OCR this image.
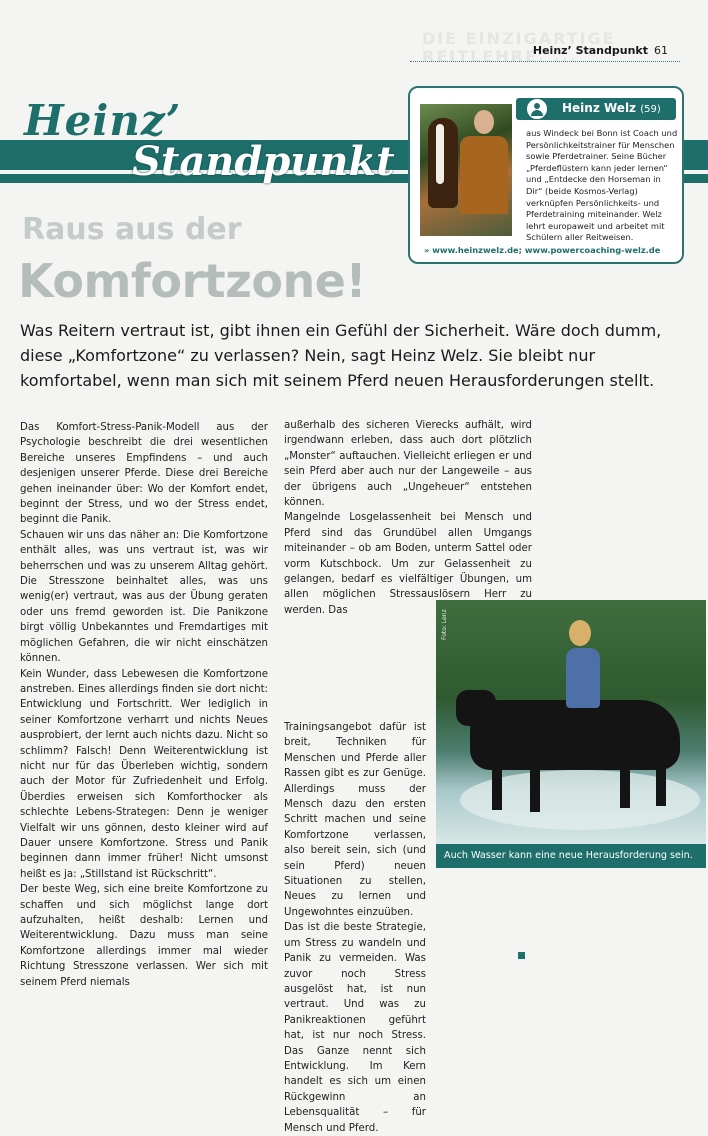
DIE EINZIGARTIGE
REITLEHRE. ...
Heinz’ Standpunkt 61
Heinz’
Standpunkt
Heinz Welz (59)
aus Windeck bei Bonn ist Coach und Persönlichkeitstrainer für Menschen sowie Pferdetrainer. Seine Bücher „Pferdeflüstern kann jeder lernen“ und „Entdecke den Horseman in Dir“ (beide Kosmos-Verlag) verknüpfen Persönlichkeits- und Pferdetraining miteinander. Welz lehrt europaweit und arbeitet mit Schülern aller Reitweisen.
» www.heinzwelz.de; www.powercoaching-welz.de
Raus aus der
Komfortzone!
Was Reitern vertraut ist, gibt ihnen ein Gefühl der Sicherheit. Wäre doch dumm, diese „Komfortzone“ zu verlassen? Nein, sagt Heinz Welz. Sie bleibt nur komfortabel, wenn man sich mit seinem Pferd neuen Herausforderungen stellt.

Das Komfort-Stress-Panik-Modell aus der Psychologie beschreibt die drei wesentlichen Bereiche unseres Empfindens – und auch desjenigen unserer Pferde. Diese drei Bereiche gehen ineinander über: Wo der Komfort endet, beginnt der Stress, und wo der Stress endet, beginnt die Panik.

Schauen wir uns das näher an: Die Komfortzone enthält alles, was uns vertraut ist, was wir beherrschen und was zu unserem Alltag gehört. Die Stresszone beinhaltet alles, was uns wenig(er) vertraut, was aus der Übung geraten oder uns fremd geworden ist. Die Panikzone birgt völlig Unbekanntes und Fremdartiges mit möglichen Gefahren, die wir nicht einschätzen können.

Kein Wunder, dass Lebewesen die Komfortzone anstreben. Eines allerdings finden sie dort nicht: Entwicklung und Fortschritt. Wer lediglich in seiner Komfortzone verharrt und nichts Neues ausprobiert, der lernt auch nichts dazu. Nicht so schlimm? Falsch! Denn Weiterentwicklung ist nicht nur für das Überleben wichtig, sondern auch der Motor für Zufriedenheit und Erfolg. Überdies erweisen sich Komforthocker als schlechte Lebens-Strategen: Denn je weniger Vielfalt wir uns gönnen, desto kleiner wird auf Dauer unsere Komfortzone. Stress und Panik beginnen dann immer früher! Nicht umsonst heißt es ja: „Stillstand ist Rückschritt“.

Der beste Weg, sich eine breite Komfortzone zu schaffen und sich möglichst lange dort aufzuhalten, heißt deshalb: Lernen und Weiterentwicklung. Dazu muss man seine Komfortzone allerdings immer mal wieder Richtung Stresszone verlassen. Wer sich mit seinem Pferd niemals

außerhalb des sicheren Vierecks aufhält, wird irgendwann erleben, dass auch dort plötzlich „Monster“ auftauchen. Vielleicht erliegen er und sein Pferd aber auch nur der Langeweile – aus der übrigens auch „Ungeheuer“ entstehen können.

Mangelnde Losgelassenheit bei Mensch und Pferd sind das Grundübel allen Umgangs miteinander – ob am Boden, unterm Sattel oder vorm Kutschbock. Um zur Gelassenheit zu gelangen, bedarf es vielfältiger Übungen, um allen möglichen Stressauslösern Herr zu werden. Das

Trainingsangebot dafür ist breit, Techniken für Menschen und Pferde aller Rassen gibt es zur Genüge. Allerdings muss der Mensch dazu den ersten Schritt machen und seine Komfortzone verlassen, also bereit sein, sich (und sein Pferd) neuen Situationen zu stellen, Neues zu lernen und Ungewohntes einzuüben.

Das ist die beste Strategie, um Stress zu wandeln und Panik zu vermeiden. Was zuvor noch Stress ausgelöst hat, ist nun vertraut. Und was zu Panikreaktionen geführt hat, ist nur noch Stress. Das Ganze nennt sich Entwicklung. Im Kern handelt es sich um einen Rückgewinn an Lebensqualität – für Mensch und Pferd.

Foto: Lenz
Auch Wasser kann eine neue Herausforderung sein.
